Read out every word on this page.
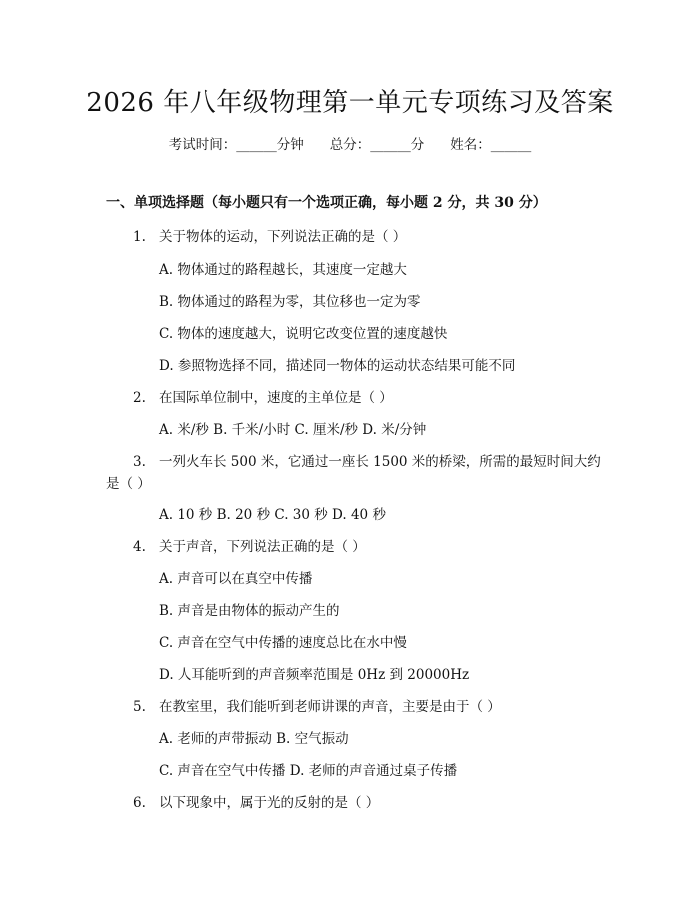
2026 年八年级物理第一单元专项练习及答案
考试时间：______分钟 总分：______分 姓名：______
一、单项选择题（每小题只有一个选项正确，每小题 2 分，共 30 分）
1. 关于物体的运动，下列说法正确的是（ ）
A. 物体通过的路程越长，其速度一定越大
B. 物体通过的路程为零，其位移也一定为零
C. 物体的速度越大，说明它改变位置的速度越快
D. 参照物选择不同，描述同一物体的运动状态结果可能不同
2. 在国际单位制中，速度的主单位是（ ）
A. 米/秒 B. 千米/小时 C. 厘米/秒 D. 米/分钟
3. 一列火车长 500 米，它通过一座长 1500 米的桥梁，所需的最短时间大约
是（ ）
A. 10 秒 B. 20 秒 C. 30 秒 D. 40 秒
4. 关于声音，下列说法正确的是（ ）
A. 声音可以在真空中传播
B. 声音是由物体的振动产生的
C. 声音在空气中传播的速度总比在水中慢
D. 人耳能听到的声音频率范围是 0Hz 到 20000Hz
5. 在教室里，我们能听到老师讲课的声音，主要是由于（ ）
A. 老师的声带振动 B. 空气振动
C. 声音在空气中传播 D. 老师的声音通过桌子传播
6. 以下现象中，属于光的反射的是（ ）
